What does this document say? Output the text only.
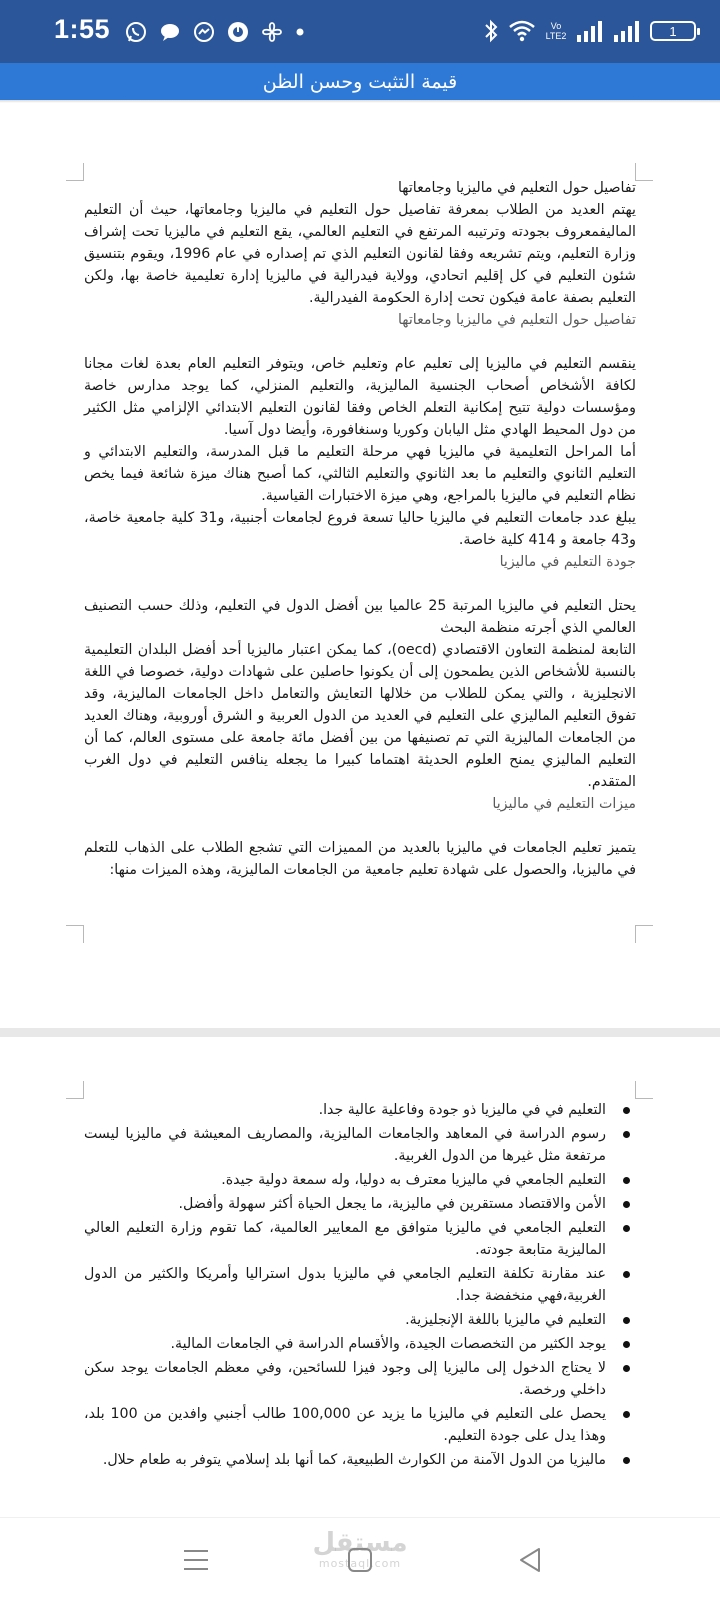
1:55	Vo LTE2	1
قيمة التثبت وحسن الظن

تفاصيل حول التعليم في ماليزيا وجامعاتها

يهتم العديد من الطلاب بمعرفة تفاصيل حول التعليم في ماليزيا وجامعاتها، حيث أن التعليم الماليفمعروف بجودته وترتيبه المرتفع في التعليم العالمي، يقع التعليم في ماليزيا تحت إشراف وزارة التعليم، ويتم تشريعه وفقا لقانون التعليم الذي تم إصداره في عام 1996، ويقوم بتنسيق شئون التعليم في كل إقليم اتحادي، وولاية فيدرالية في ماليزيا إدارة تعليمية خاصة بها، ولكن التعليم بصفة عامة فيكون تحت إدارة الحكومة الفيدرالية.

تفاصيل حول التعليم في ماليزيا وجامعاتها

ينقسم التعليم في ماليزيا إلى تعليم عام وتعليم خاص، ويتوفر التعليم العام بعدة لغات مجانا لكافة الأشخاص أصحاب الجنسية الماليزية، والتعليم المنزلي، كما يوجد مدارس خاصة ومؤسسات دولية تتيح إمكانية التعلم الخاص وفقا لقانون التعليم الابتدائي الإلزامي مثل الكثير من دول المحيط الهادي مثل اليابان وكوريا وسنغافورة، وأيضا دول آسيا.

أما المراحل التعليمية في ماليزيا فهي مرحلة التعليم ما قبل المدرسة، والتعليم الابتدائي و التعليم الثانوي والتعليم ما بعد الثانوي والتعليم الثالثي، كما أصبح هناك ميزة شائعة فيما يخص نظام التعليم في ماليزيا بالمراجع، وهي ميزة الاختبارات القياسية.

يبلغ عدد جامعات التعليم في ماليزيا حاليا تسعة فروع لجامعات أجنبية، و31 كلية جامعية خاصة، و43 جامعة و 414 كلية خاصة.

جودة التعليم في ماليزيا

يحتل التعليم في ماليزيا المرتبة 25 عالميا بين أفضل الدول في التعليم، وذلك حسب التصنيف العالمي الذي أجرته منظمة البحث

التابعة لمنظمة التعاون الاقتصادي (oecd)، كما يمكن اعتبار ماليزيا أحد أفضل البلدان التعليمية بالنسبة للأشخاص الذين يطمحون إلى أن يكونوا حاصلين على شهادات دولية، خصوصا في اللغة الانجليزية ، والتي يمكن للطلاب من خلالها التعايش والتعامل داخل الجامعات الماليزية، وقد تفوق التعليم الماليزي على التعليم في العديد من الدول العربية و الشرق أوروبية، وهناك العديد من الجامعات الماليزية التي تم تصنيفها من بين أفضل مائة جامعة على مستوى العالم، كما أن التعليم الماليزي يمنح العلوم الحديثة اهتماما كبيرا ما يجعله ينافس التعليم في دول الغرب المتقدم.

ميزات التعليم في ماليزيا

يتميز تعليم الجامعات في ماليزيا بالعديد من المميزات التي تشجع الطلاب على الذهاب للتعلم في ماليزيا، والحصول على شهادة تعليم جامعية من الجامعات الماليزية، وهذه الميزات منها:

التعليم في في ماليزيا ذو جودة وفاعلية عالية جدا.
رسوم الدراسة في المعاهد والجامعات الماليزية، والمصاريف المعيشة في ماليزيا ليست مرتفعة مثل غيرها من الدول الغربية.
التعليم الجامعي في ماليزيا معترف به دوليا، وله سمعة دولية جيدة.
الأمن والاقتصاد مستقرين في ماليزية، ما يجعل الحياة أكثر سهولة وأفضل.
التعليم الجامعي في ماليزيا متوافق مع المعايير العالمية، كما تقوم وزارة التعليم العالي الماليزية متابعة جودته.
عند مقارنة تكلفة التعليم الجامعي في ماليزيا بدول استراليا وأمريكا والكثير من الدول الغربية،فهي منخفضة جدا.
التعليم في ماليزيا باللغة الإنجليزية.
يوجد الكثير من التخصصات الجيدة، والأقسام الدراسة في الجامعات المالية.
لا يحتاج الدخول إلى ماليزيا إلى وجود فيزا للسائحين، وفي معظم الجامعات يوجد سكن داخلي ورخصة.
يحصل على التعليم في ماليزيا ما يزيد عن 100,000 طالب أجنبي وافدين من 100 بلد، وهذا يدل على جودة التعليم.
ماليزيا من الدول الآمنة من الكوارث الطبيعية، كما أنها بلد إسلامي يتوفر به طعام حلال.
مستقل
mostaql.com
